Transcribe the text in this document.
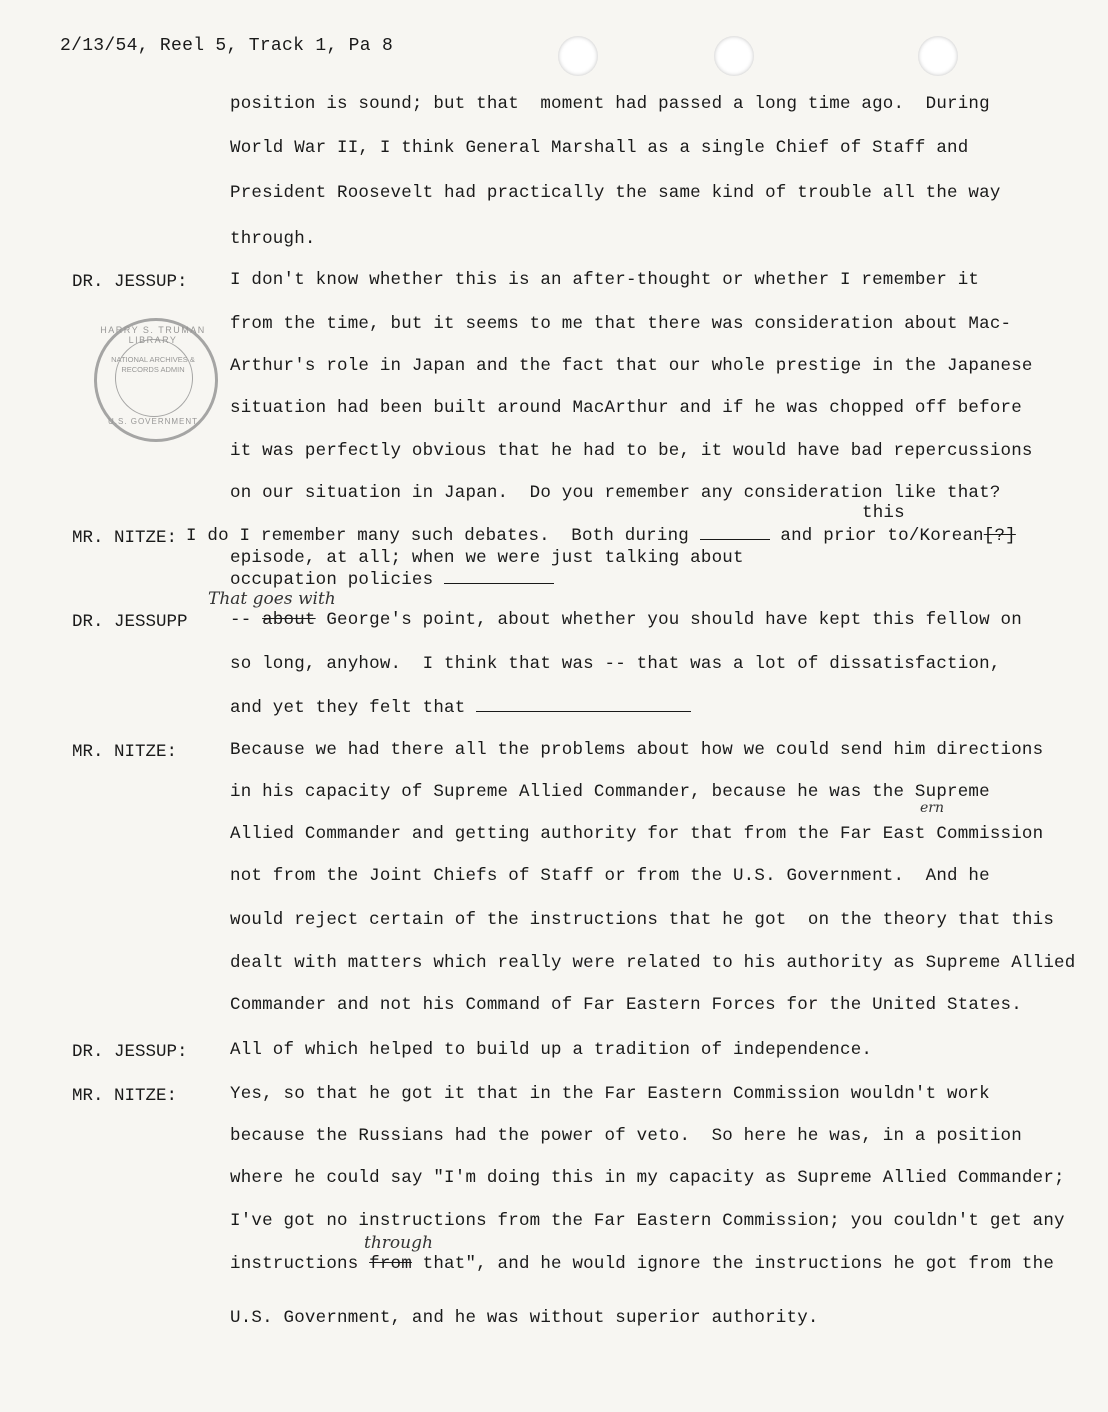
2/13/54, Reel 5, Track 1, Pa 8
HARRY S. TRUMAN LIBRARY
NATIONAL ARCHIVES & RECORDS ADMIN
U.S. GOVERNMENT
position is sound; but that  moment had passed a long time ago.  During
World War II, I think General Marshall as a single Chief of Staff and
President Roosevelt had practically the same kind of trouble all the way
through.
DR. JESSUP: I don't know whether this is an after-thought or whether I remember it
from the time, but it seems to me that there was consideration about Mac-
Arthur's role in Japan and the fact that our whole prestige in the Japanese
situation had been built around MacArthur and if he was chopped off before
it was perfectly obvious that he had to be, it would have bad repercussions
on our situation in Japan.  Do you remember any consideration like that?
this
MR. NITZE: I do I remember many such debates.  Both during	and prior to/Korean[?]
episode, at all; when we were just talking about
occupation policies
That goes with
DR. JESSUPP -- about George's point, about whether you should have kept this fellow on
so long, anyhow.  I think that was -- that was a lot of dissatisfaction,
and yet they felt that
MR. NITZE:	Because we had there all the problems about how we could send him directions
in his capacity of Supreme Allied Commander, because he was the Supreme
ern
Allied Commander and getting authority for that from the Far East Commission
not from the Joint Chiefs of Staff or from the U.S. Government.  And he
would reject certain of the instructions that he got  on the theory that this
dealt with matters which really were related to his authority as Supreme Allied
Commander and not his Command of Far Eastern Forces for the United States.
DR. JESSUP: All of which helped to build up a tradition of independence.
MR. NITZE:	Yes, so that he got it that in the Far Eastern Commission wouldn't work
because the Russians had the power of veto.  So here he was, in a position
where he could say "I'm doing this in my capacity as Supreme Allied Commander;
I've got no instructions from the Far Eastern Commission; you couldn't get any
through
instructions from that", and he would ignore the instructions he got from the
U.S. Government, and he was without superior authority.
